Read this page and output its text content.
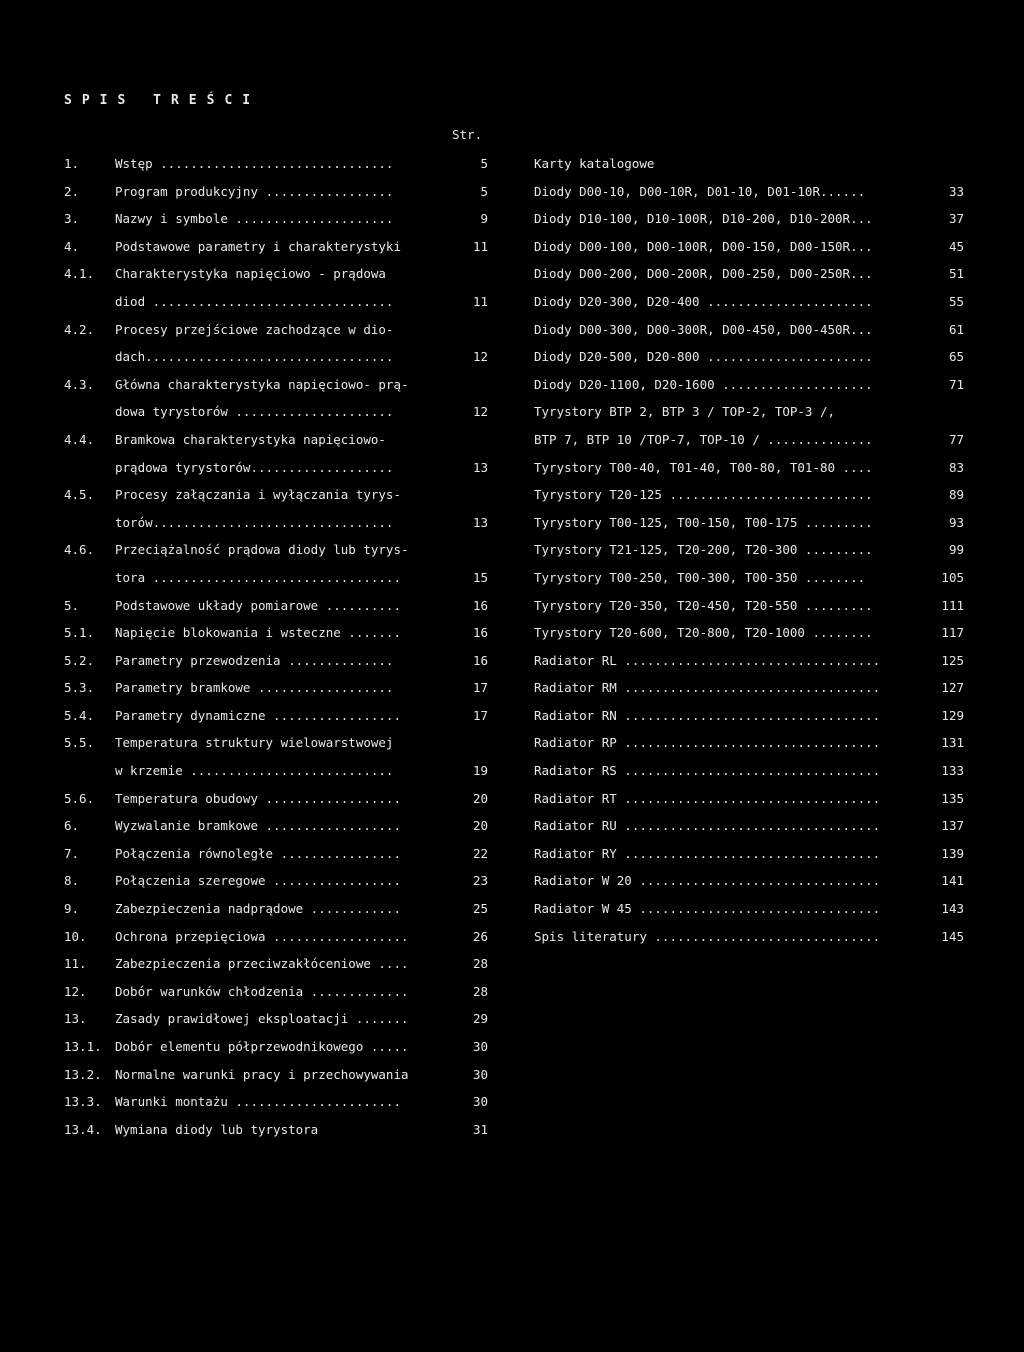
SPIS TREŚCI
Str.
1.	Wstęp ...............................	5
2.	Program produkcyjny .................	5
3.	Nazwy i symbole .....................	9
4.	Podstawowe parametry i charakterystyki	11
4.1. Charakterystyka napięciowo - prądowa
diod ................................	11
4.2. Procesy przejściowe zachodzące w dio-
dach.................................	12
4.3. Główna charakterystyka napięciowo- prą-
dowa tyrystorów .....................	12
4.4. Bramkowa charakterystyka napięciowo-
prądowa tyrystorów...................	13
4.5. Procesy załączania i wyłączania tyrys-
torów................................	13
4.6. Przeciążalność prądowa diody lub tyrys-
tora .................................	15
5.	Podstawowe układy pomiarowe ..........	16
5.1. Napięcie blokowania i wsteczne .......	16
5.2. Parametry przewodzenia ..............	16
5.3. Parametry bramkowe ..................	17
5.4. Parametry dynamiczne .................	17
5.5. Temperatura struktury wielowarstwowej
w krzemie ...........................	19
5.6. Temperatura obudowy ..................	20
6.	Wyzwalanie bramkowe ..................	20
7.	Połączenia równoległe ................	22
8.	Połączenia szeregowe .................	23
9.	Zabezpieczenia nadprądowe ............	25
10. Ochrona przepięciowa ..................	26
11. Zabezpieczenia przeciwzakłóceniowe ....	28
12. Dobór warunków chłodzenia .............	28
13. Zasady prawidłowej eksploatacji .......	29
13.1. Dobór elementu półprzewodnikowego .....	30
13.2. Normalne warunki pracy i przechowywania	30
13.3. Warunki montażu ......................	30
13.4. Wymiana diody lub tyrystora	31
Karty katalogowe
Diody D00-10, D00-10R, D01-10, D01-10R......	33
Diody D10-100, D10-100R, D10-200, D10-200R...	37
Diody D00-100, D00-100R, D00-150, D00-150R...	45
Diody D00-200, D00-200R, D00-250, D00-250R...	51
Diody D20-300, D20-400 ......................	55
Diody D00-300, D00-300R, D00-450, D00-450R...	61
Diody D20-500, D20-800 ......................	65
Diody D20-1100, D20-1600 ....................	71
Tyrystory BTP 2, BTP 3 / TOP-2, TOP-3 /,
BTP 7, BTP 10 /TOP-7, TOP-10 / ..............	77
Tyrystory T00-40, T01-40, T00-80, T01-80 ....	83
Tyrystory T20-125 ...........................	89
Tyrystory T00-125, T00-150, T00-175 .........	93
Tyrystory T21-125, T20-200, T20-300 .........	99
Tyrystory T00-250, T00-300, T00-350 ........	105
Tyrystory T20-350, T20-450, T20-550 .........	111
Tyrystory T20-600, T20-800, T20-1000 ........	117
Radiator RL ..................................	125
Radiator RM ..................................	127
Radiator RN ..................................	129
Radiator RP ..................................	131
Radiator RS ..................................	133
Radiator RT ..................................	135
Radiator RU ..................................	137
Radiator RY ..................................	139
Radiator W 20 ................................	141
Radiator W 45 ................................	143
Spis literatury ..............................	145
